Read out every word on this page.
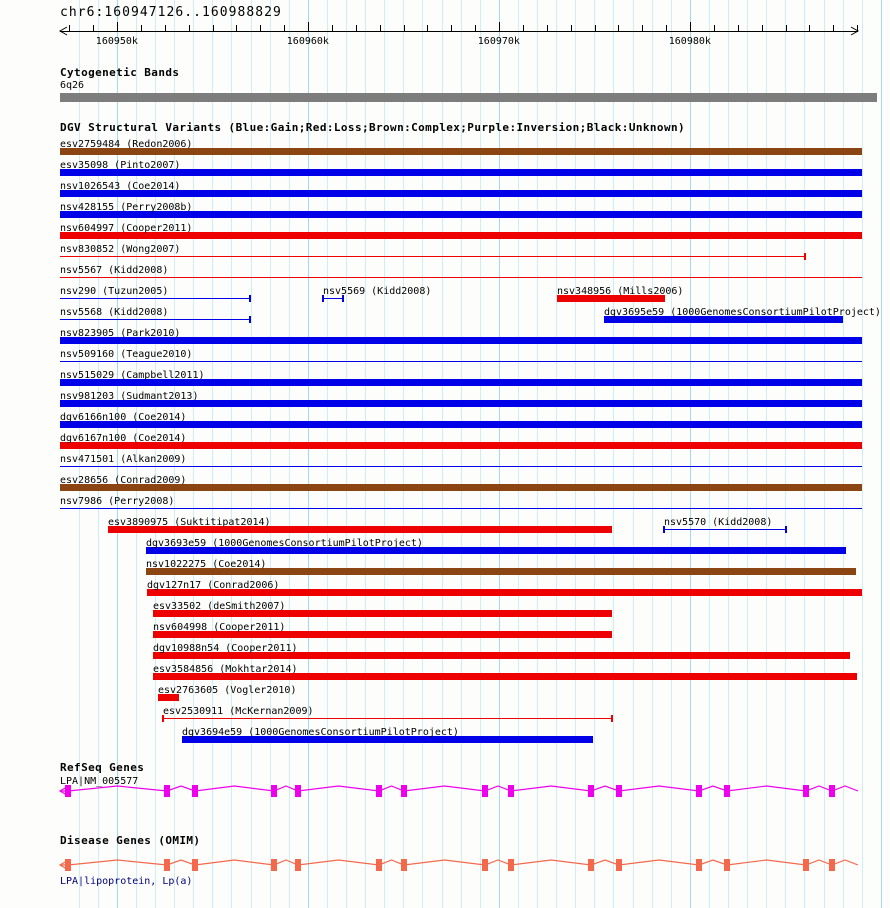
chr6:160947126..160988829
Cytogenetic Bands
6q26
DGV Structural Variants (Blue:Gain;Red:Loss;Brown:Complex;Purple:Inversion;Black:Unknown)
RefSeq Genes
LPA|NM_005577
Disease Genes (OMIM)
LPA|lipoprotein, Lp(a)
160950k	160960k	160970k	160980k
esv2759484 (Redon2006)
esv35098 (Pinto2007)
nsv1026543 (Coe2014)
nsv428155 (Perry2008b)
nsv604997 (Cooper2011)
nsv830852 (Wong2007)
nsv5567 (Kidd2008)
nsv290 (Tuzun2005)	nsv5569 (Kidd2008)	nsv348956 (Mills2006)
nsv5568 (Kidd2008)	dgv3695e59 (1000GenomesConsortiumPilotProject)
nsv823905 (Park2010)
nsv509160 (Teague2010)
nsv515029 (Campbell2011)
nsv981203 (Sudmant2013)
dgv6166n100 (Coe2014)
dgv6167n100 (Coe2014)
nsv471501 (Alkan2009)
esv28656 (Conrad2009)
nsv7986 (Perry2008)
esv3890975 (Suktitipat2014)	nsv5570 (Kidd2008)
dgv3693e59 (1000GenomesConsortiumPilotProject)
nsv1022275 (Coe2014)
dgv127n17 (Conrad2006)
esv33502 (deSmith2007)
nsv604998 (Cooper2011)
dgv10988n54 (Cooper2011)
esv3584856 (Mokhtar2014)
esv2763605 (Vogler2010)
esv2530911 (McKernan2009)
dgv3694e59 (1000GenomesConsortiumPilotProject)
